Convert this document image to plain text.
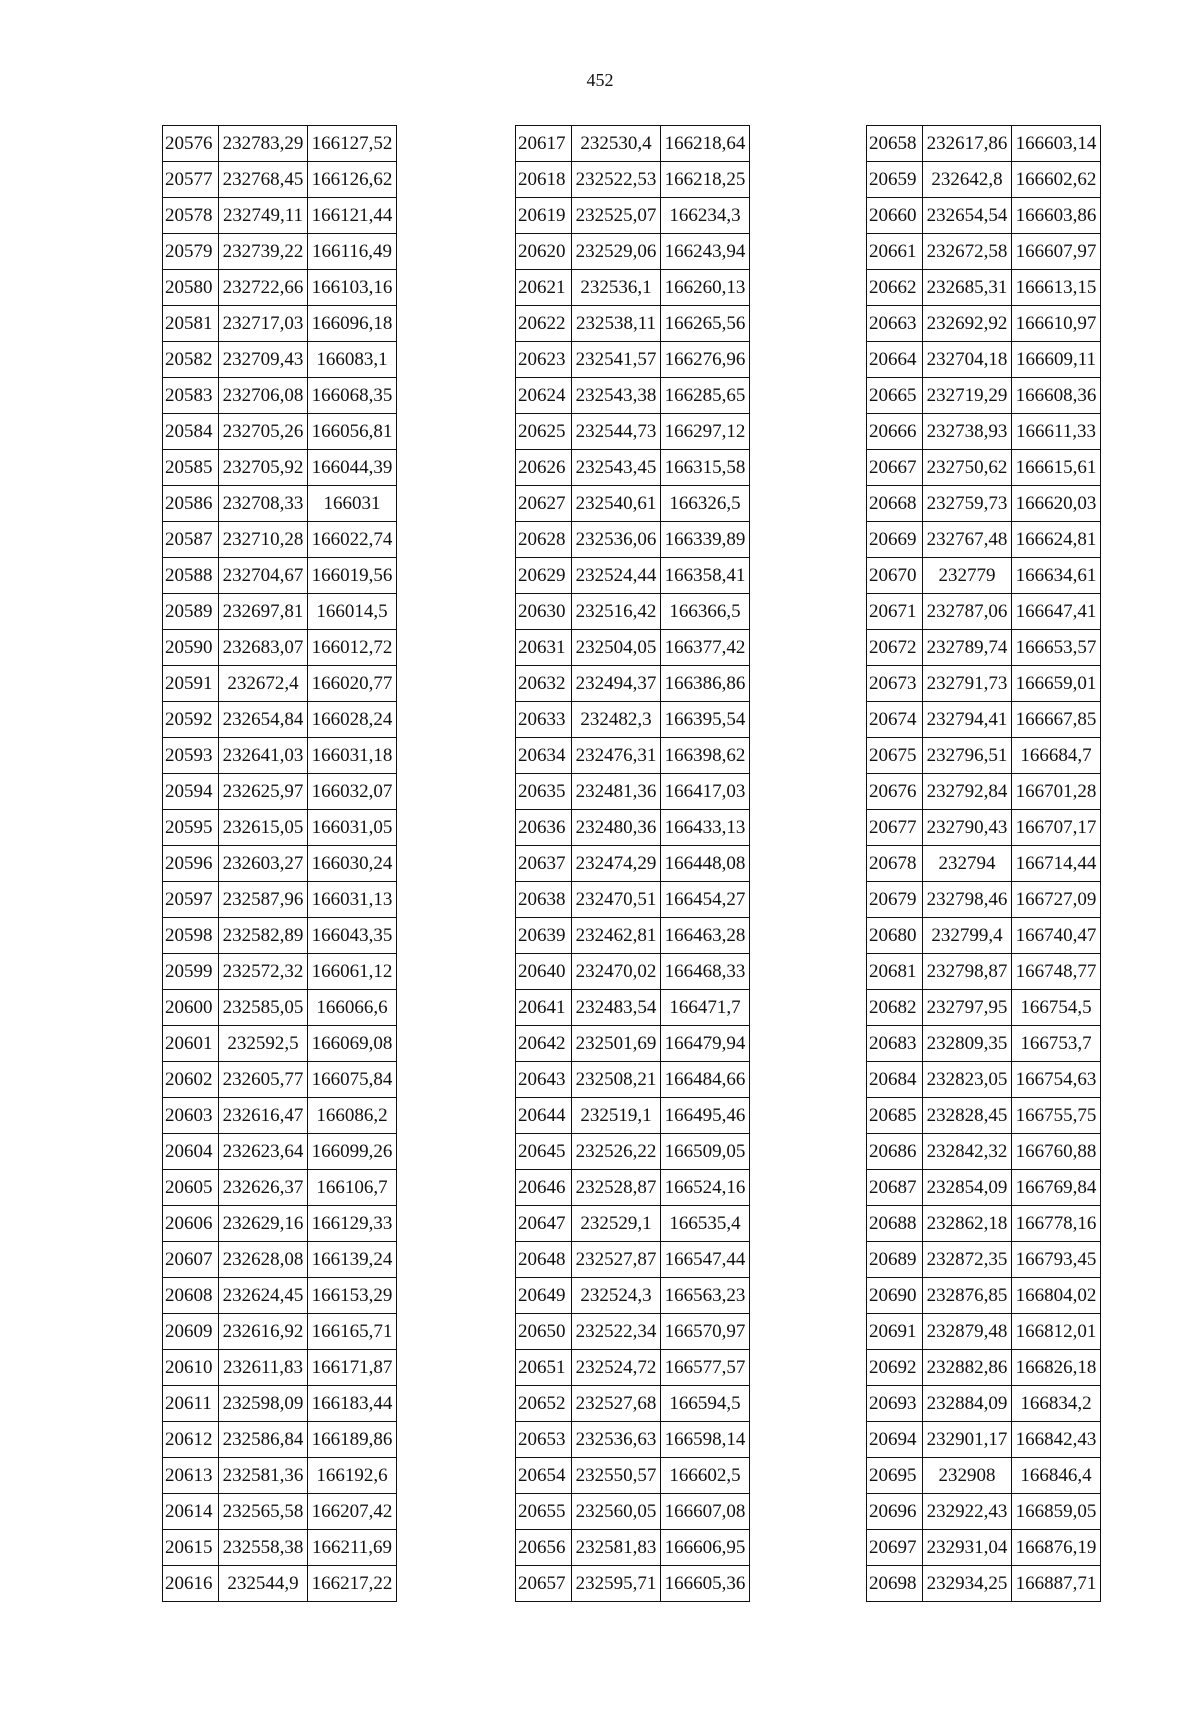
452
20576	232783,29	166127,52
20577	232768,45	166126,62
20578	232749,11	166121,44
20579	232739,22	166116,49
20580	232722,66	166103,16
20581	232717,03	166096,18
20582	232709,43	166083,1
20583	232706,08	166068,35
20584	232705,26	166056,81
20585	232705,92	166044,39
20586	232708,33	166031
20587	232710,28	166022,74
20588	232704,67	166019,56
20589	232697,81	166014,5
20590	232683,07	166012,72
20591	232672,4	166020,77
20592	232654,84	166028,24
20593	232641,03	166031,18
20594	232625,97	166032,07
20595	232615,05	166031,05
20596	232603,27	166030,24
20597	232587,96	166031,13
20598	232582,89	166043,35
20599	232572,32	166061,12
20600	232585,05	166066,6
20601	232592,5	166069,08
20602	232605,77	166075,84
20603	232616,47	166086,2
20604	232623,64	166099,26
20605	232626,37	166106,7
20606	232629,16	166129,33
20607	232628,08	166139,24
20608	232624,45	166153,29
20609	232616,92	166165,71
20610	232611,83	166171,87
20611	232598,09	166183,44
20612	232586,84	166189,86
20613	232581,36	166192,6
20614	232565,58	166207,42
20615	232558,38	166211,69
20616	232544,9	166217,22
20617	232530,4	166218,64
20618	232522,53	166218,25
20619	232525,07	166234,3
20620	232529,06	166243,94
20621	232536,1	166260,13
20622	232538,11	166265,56
20623	232541,57	166276,96
20624	232543,38	166285,65
20625	232544,73	166297,12
20626	232543,45	166315,58
20627	232540,61	166326,5
20628	232536,06	166339,89
20629	232524,44	166358,41
20630	232516,42	166366,5
20631	232504,05	166377,42
20632	232494,37	166386,86
20633	232482,3	166395,54
20634	232476,31	166398,62
20635	232481,36	166417,03
20636	232480,36	166433,13
20637	232474,29	166448,08
20638	232470,51	166454,27
20639	232462,81	166463,28
20640	232470,02	166468,33
20641	232483,54	166471,7
20642	232501,69	166479,94
20643	232508,21	166484,66
20644	232519,1	166495,46
20645	232526,22	166509,05
20646	232528,87	166524,16
20647	232529,1	166535,4
20648	232527,87	166547,44
20649	232524,3	166563,23
20650	232522,34	166570,97
20651	232524,72	166577,57
20652	232527,68	166594,5
20653	232536,63	166598,14
20654	232550,57	166602,5
20655	232560,05	166607,08
20656	232581,83	166606,95
20657	232595,71	166605,36
20658	232617,86	166603,14
20659	232642,8	166602,62
20660	232654,54	166603,86
20661	232672,58	166607,97
20662	232685,31	166613,15
20663	232692,92	166610,97
20664	232704,18	166609,11
20665	232719,29	166608,36
20666	232738,93	166611,33
20667	232750,62	166615,61
20668	232759,73	166620,03
20669	232767,48	166624,81
20670	232779	166634,61
20671	232787,06	166647,41
20672	232789,74	166653,57
20673	232791,73	166659,01
20674	232794,41	166667,85
20675	232796,51	166684,7
20676	232792,84	166701,28
20677	232790,43	166707,17
20678	232794	166714,44
20679	232798,46	166727,09
20680	232799,4	166740,47
20681	232798,87	166748,77
20682	232797,95	166754,5
20683	232809,35	166753,7
20684	232823,05	166754,63
20685	232828,45	166755,75
20686	232842,32	166760,88
20687	232854,09	166769,84
20688	232862,18	166778,16
20689	232872,35	166793,45
20690	232876,85	166804,02
20691	232879,48	166812,01
20692	232882,86	166826,18
20693	232884,09	166834,2
20694	232901,17	166842,43
20695	232908	166846,4
20696	232922,43	166859,05
20697	232931,04	166876,19
20698	232934,25	166887,71
